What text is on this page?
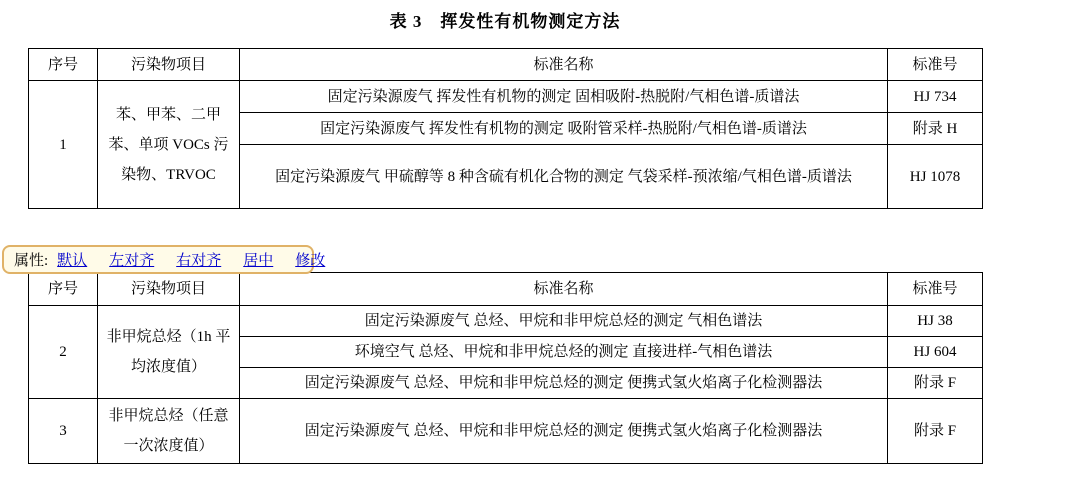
表 3　挥发性有机物测定方法
序号	污染物项目	标准名称	标准号
1	苯、甲苯、二甲苯、单项 VOCs 污染物、TRVOC	固定污染源废气 挥发性有机物的测定 固相吸附-热脱附/气相色谱-质谱法	HJ 734
		固定污染源废气 挥发性有机物的测定 吸附管采样-热脱附/气相色谱-质谱法	附录 H
		固定污染源废气 甲硫醇等 8 种含硫有机化合物的测定 气袋采样-预浓缩/气相色谱-质谱法	HJ 1078
属性: 默认 左对齐 右对齐 居中 修改
序号	污染物项目	标准名称	标准号
2	非甲烷总烃（1h 平均浓度值）	固定污染源废气 总烃、甲烷和非甲烷总烃的测定 气相色谱法	HJ 38
		环境空气 总烃、甲烷和非甲烷总烃的测定 直接进样-气相色谱法	HJ 604
		固定污染源废气 总烃、甲烷和非甲烷总烃的测定 便携式氢火焰离子化检测器法	附录 F
3	非甲烷总烃（任意一次浓度值）	固定污染源废气 总烃、甲烷和非甲烷总烃的测定 便携式氢火焰离子化检测器法	附录 F
